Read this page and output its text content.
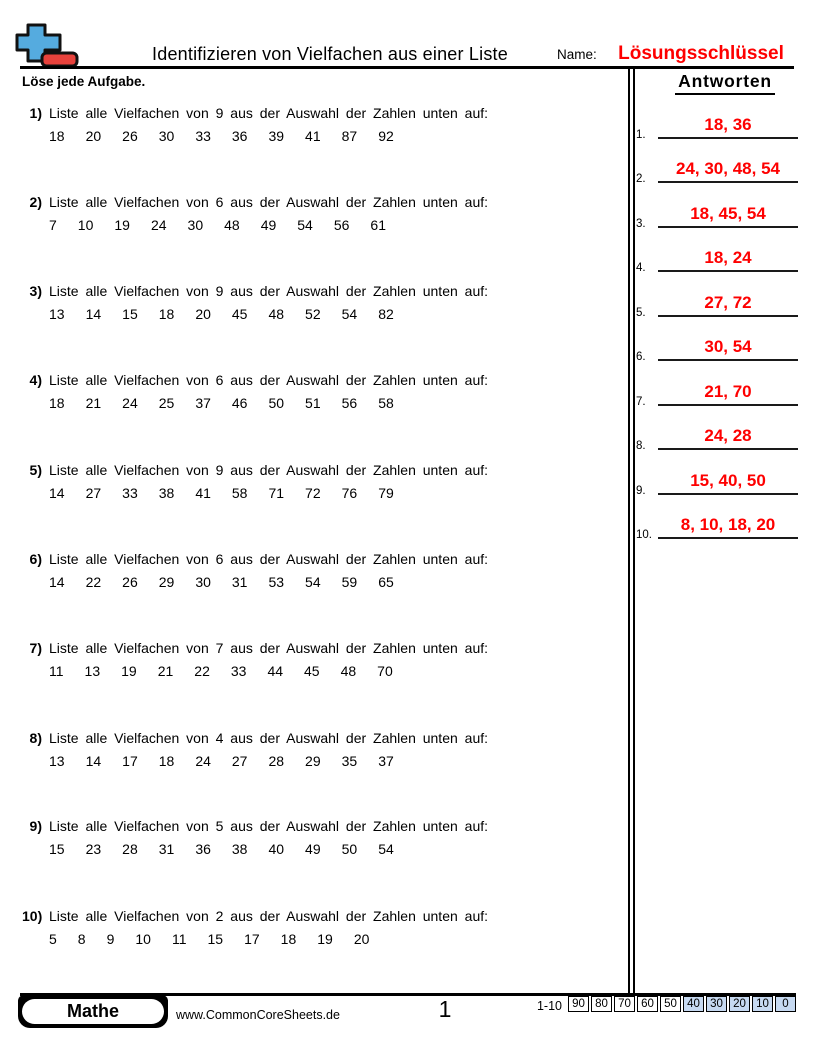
Identifizieren von Vielfachen aus einer Liste	Name:	Lösungsschlüssel
Löse jede Aufgabe.
1) Liste alle Vielfachen von 9 aus der Auswahl der Zahlen unten auf:
18 20 26 30 33 36 39 41 87 92
2) Liste alle Vielfachen von 6 aus der Auswahl der Zahlen unten auf:
7 10 19 24 30 48 49 54 56 61
3) Liste alle Vielfachen von 9 aus der Auswahl der Zahlen unten auf:
13 14 15 18 20 45 48 52 54 82
4) Liste alle Vielfachen von 6 aus der Auswahl der Zahlen unten auf:
18 21 24 25 37 46 50 51 56 58
5) Liste alle Vielfachen von 9 aus der Auswahl der Zahlen unten auf:
14 27 33 38 41 58 71 72 76 79
6) Liste alle Vielfachen von 6 aus der Auswahl der Zahlen unten auf:
14 22 26 29 30 31 53 54 59 65
7) Liste alle Vielfachen von 7 aus der Auswahl der Zahlen unten auf:
11 13 19 21 22 33 44 45 48 70
8) Liste alle Vielfachen von 4 aus der Auswahl der Zahlen unten auf:
13 14 17 18 24 27 28 29 35 37
9) Liste alle Vielfachen von 5 aus der Auswahl der Zahlen unten auf:
15 23 28 31 36 38 40 49 50 54
10) Liste alle Vielfachen von 2 aus der Auswahl der Zahlen unten auf:
5 8 9 10 11 15 17 18 19 20
Antworten
1.
18, 36
2.
24, 30, 48, 54
3.
18, 45, 54
4.
18, 24
5.
27, 72
6.
30, 54
7.
21, 70
8.
24, 28
9.
15, 40, 50
10.
8, 10, 18, 20
Mathe	www.CommonCoreSheets.de	1	1-10 90 80 70 60 50 40 30 20 10	0
